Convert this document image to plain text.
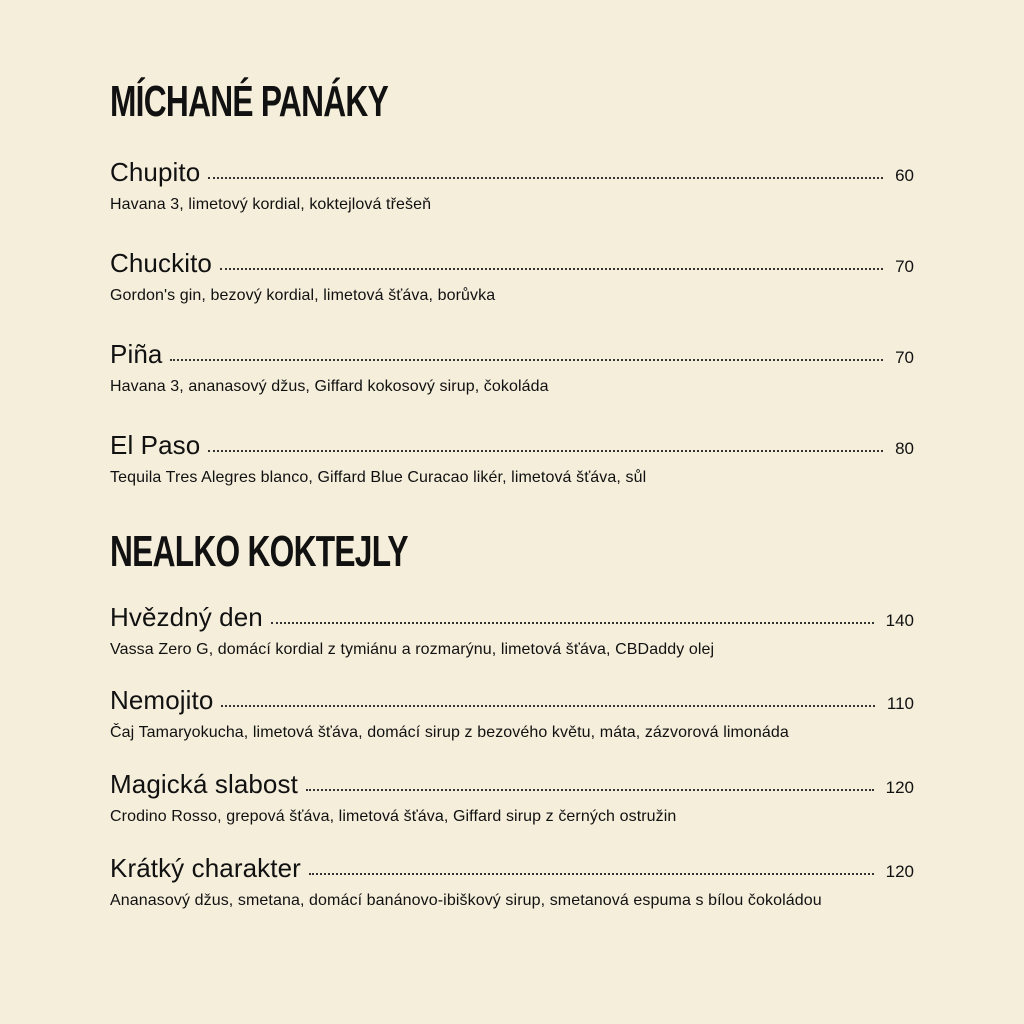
MÍCHANÉ PANÁKY
Chupito	60
Havana 3, limetový kordial, koktejlová třešeň
Chuckito	70
Gordon's gin, bezový kordial, limetová šťáva, borůvka
Piña	70
Havana 3, ananasový džus, Giffard kokosový sirup, čokoláda
El Paso	80
Tequila Tres Alegres blanco, Giffard Blue Curacao likér, limetová šťáva, sůl
NEALKO KOKTEJLY
Hvězdný den	140
Vassa Zero G, domácí kordial z tymiánu a rozmarýnu, limetová šťáva, CBDaddy olej
Nemojito	110
Čaj Tamaryokucha, limetová šťáva, domácí sirup z bezového květu, máta, zázvorová limonáda
Magická slabost	120
Crodino Rosso, grepová šťáva, limetová šťáva, Giffard sirup z černých ostružin
Krátký charakter	120
Ananasový džus, smetana, domácí banánovo-ibiškový sirup, smetanová espuma s bílou čokoládou
